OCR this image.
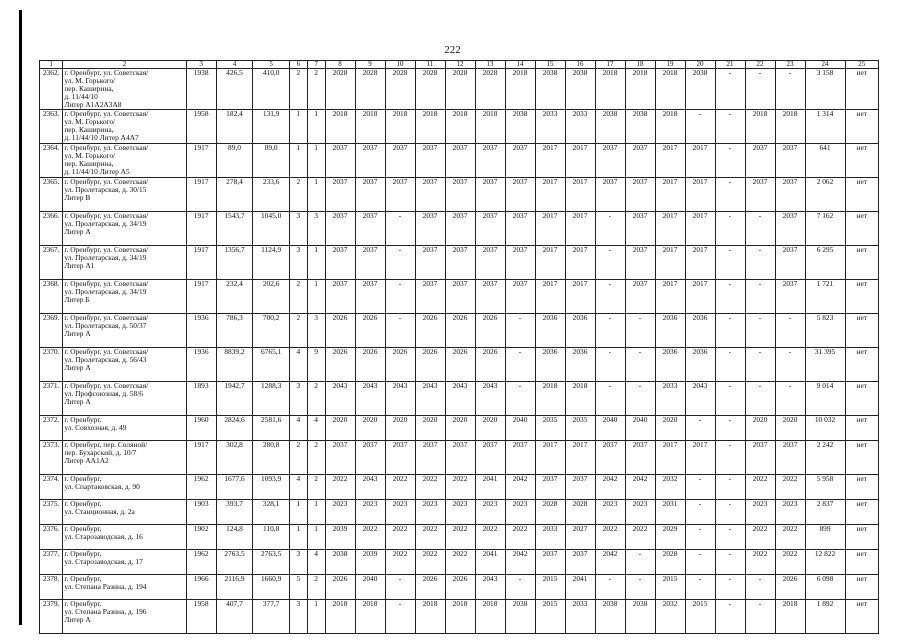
222
1	2	3	4	5	6	7	8	9	10	11	12	13	14	15	16	17	18	19	20	21	22	23	24	25
2362.	г. Оренбург, ул. Советская/
ул. М. Горького/
пер. Каширина,
д. 11/44/10
Литер А1А2А3А8	1938	426,5	410,0	2	2	2028	2028	2028	2028	2028	2028	2018	2038	2038	2018	2018	2018	2038	-	-	-	3 158	нет
2363.	г. Оренбург, ул. Советская/
ул. М. Горького/
пер. Каширина,
д. 11/44/10 Литер А4А7	1958	182,4	131,9	1	1	2018	2018	2018	2018	2018	2018	2038	2033	2033	2038	2038	2018	-	-	2018	2018	1 314	нет
2364.	г. Оренбург, ул. Советская/
ул. М. Горького/
пер. Каширина,
д. 11/44/10 Литер А5	1917	89,0	89,0	1	1	2037	2037	2037	2037	2037	2037	2037	2017	2017	2037	2037	2017	2017	-	2037	2037	641	нет
2365.	г. Оренбург, ул. Советская/
ул. Пролетарская, д. 30/15
Литер В	1917	278,4	233,6	2	1	2037	2037	2037	2037	2037	2037	2037	2017	2017	2037	2037	2017	2017	-	2037	2037	2 062	нет
2366.	г. Оренбург, ул. Советская/
ул. Пролетарская, д. 34/19
Литер А	1917	1543,7	1045,0	3	3	2037	2037	-	2037	2037	2037	2037	2017	2017	-	2037	2017	2017	-	-	2037	7 162	нет
2367.	г. Оренбург, ул. Советская/
ул. Пролетарская, д. 34/19
Литер А1	1917	1356,7	1124,9	3	1	2037	2037	-	2037	2037	2037	2037	2017	2017	-	2037	2017	2017	-	-	2037	6 295	нет
2368.	г. Оренбург, ул. Советская/
ул. Пролетарская, д. 34/19
Литер Б	1917	232,4	202,6	2	1	2037	2037	-	2037	2037	2037	2037	2017	2017	-	2037	2017	2017	-	-	2037	1 721	нет
2369.	г. Оренбург, ул. Советская/
ул. Пролетарская, д. 50/37
Литер А	1936	786,3	700,2	2	3	2026	2026	-	2026	2026	2026	-	2036	2036	-	-	2036	2036	-	-	-	5 823	нет
2370.	г. Оренбург, ул. Советская/
ул. Пролетарская, д. 56/43
Литер А	1936	8839,2	6765,1	4	9	2026	2026	2026	2026	2026	2026	-	2036	2036	-	-	2036	2036	-	-	-	31 395	нет
2371.	г. Оренбург, ул. Советская/
ул. Профсоюзная, д. 58/6
Литер А	1893	1942,7	1288,3	3	2	2043	2043	2043	2043	2043	2043	-	2018	2018	-	-	2033	2043	-	-	-	9 014	нет
2372.	г. Оренбург,
ул. Совхозная, д. 49	1960	2824,6	2581,6	4	4	2020	2020	2020	2020	2020	2020	2040	2035	2035	2040	2040	2020	-	-	2020	2020	10 032	нет
2373.	г. Оренбург, пер. Соляной/
пер. Бухарский, д. 10/7
Литер АА1А2	1917	302,8	280,8	2	2	2037	2037	2037	2037	2037	2037	2037	2017	2017	2037	2037	2017	2017	-	2037	2037	2 242	нет
2374.	г. Оренбург,
ул. Спартаковская, д. 90	1962	1677,6	1093,9	4	2	2022	2043	2022	2022	2022	2041	2042	2037	2037	2042	2042	2032	-	-	2022	2022	5 958	нет
2375.	г. Оренбург,
ул. Станционная, д. 2а	1903	393,7	328,1	1	1	2023	2023	2023	2023	2023	2023	2023	2028	2028	2023	2023	2031	-	-	2023	2023	2 837	нет
2376.	г. Оренбург,
ул. Старозаводская, д. 16	1902	124,8	110,8	1	1	2039	2022	2022	2022	2022	2022	2022	2033	2027	2022	2022	2029	-	-	2022	2022	899	нет
2377.	г. Оренбург,
ул. Старозаводская, д. 17	1962	2763,5	2763,5	3	4	2038	2039	2022	2022	2022	2041	2042	2037	2037	2042	-	2028	-	-	2022	2022	12 822	нет
2378.	г. Оренбург,
ул. Степана Разина, д. 194	1966	2116,9	1660,9	5	2	2026	2040	-	2026	2026	2043	-	2015	2041	-	-	2015	-	-	-	2026	6 098	нет
2379.	г. Оренбург,
ул. Степана Разина, д. 196
Литер А	1958	407,7	377,7	3	1	2018	2018	-	2018	2018	2018	2038	2015	2033	2038	2038	2032	2015	-	-	2018	1 892	нет
